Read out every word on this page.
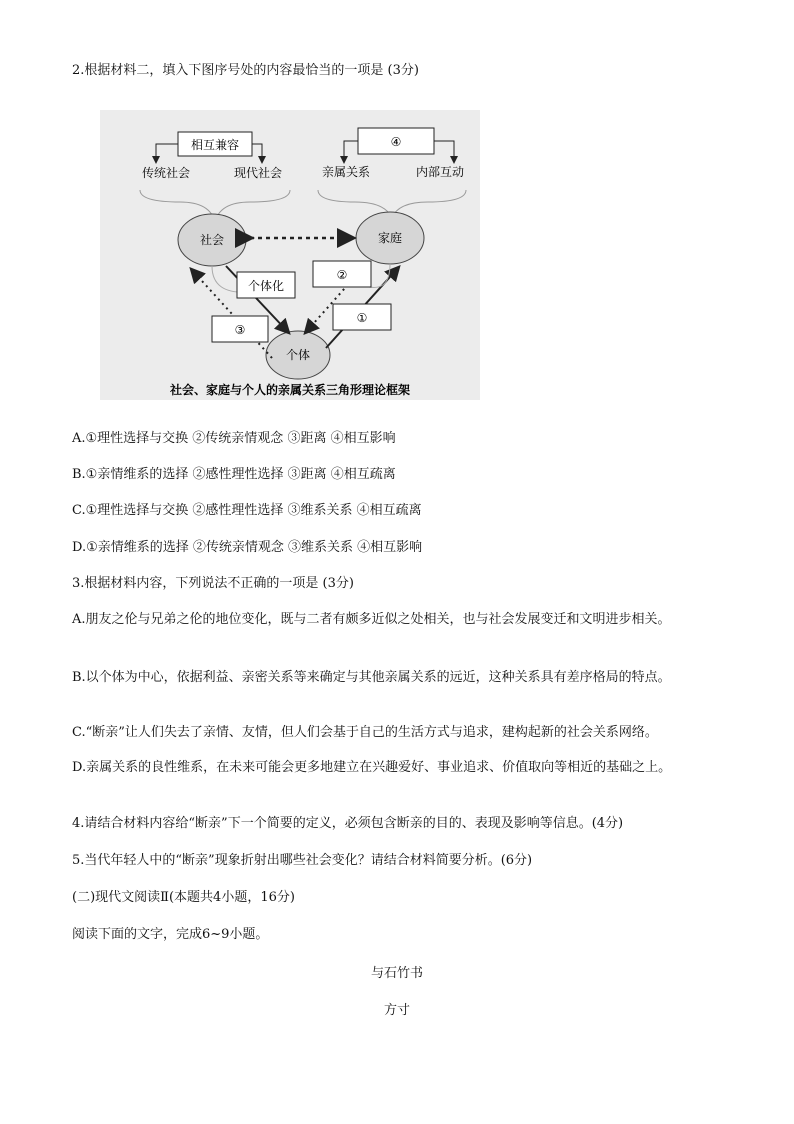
2.根据材料二，填入下图序号处的内容最恰当的一项是 (3分)
相互兼容
传统社会	现代社会
④
亲属关系	内部互动
社会	家庭
个体
个体化
②
③
①
社会、家庭与个人的亲属关系三角形理论框架
A.①理性选择与交换 ②传统亲情观念 ③距离 ④相互影响
B.①亲情维系的选择 ②感性理性选择 ③距离 ④相互疏离
C.①理性选择与交换 ②感性理性选择 ③维系关系 ④相互疏离
D.①亲情维系的选择 ②传统亲情观念 ③维系关系 ④相互影响
3.根据材料内容，下列说法不正确的一项是 (3分)
A.朋友之伦与兄弟之伦的地位变化，既与二者有颇多近似之处相关，也与社会发展变迁和文明进步相关。
B.以个体为中心，依据利益、亲密关系等来确定与其他亲属关系的远近，这种关系具有差序格局的特点。
C.“断亲”让人们失去了亲情、友情，但人们会基于自己的生活方式与追求，建构起新的社会关系网络。
D.亲属关系的良性维系，在未来可能会更多地建立在兴趣爱好、事业追求、价值取向等相近的基础之上。
4.请结合材料内容给“断亲”下一个简要的定义，必须包含断亲的目的、表现及影响等信息。(4分)
5.当代年轻人中的“断亲”现象折射出哪些社会变化？请结合材料简要分析。(6分)
(二)现代文阅读Ⅱ(本题共4小题，16分)
阅读下面的文字，完成6~9小题。
与石竹书
方寸
